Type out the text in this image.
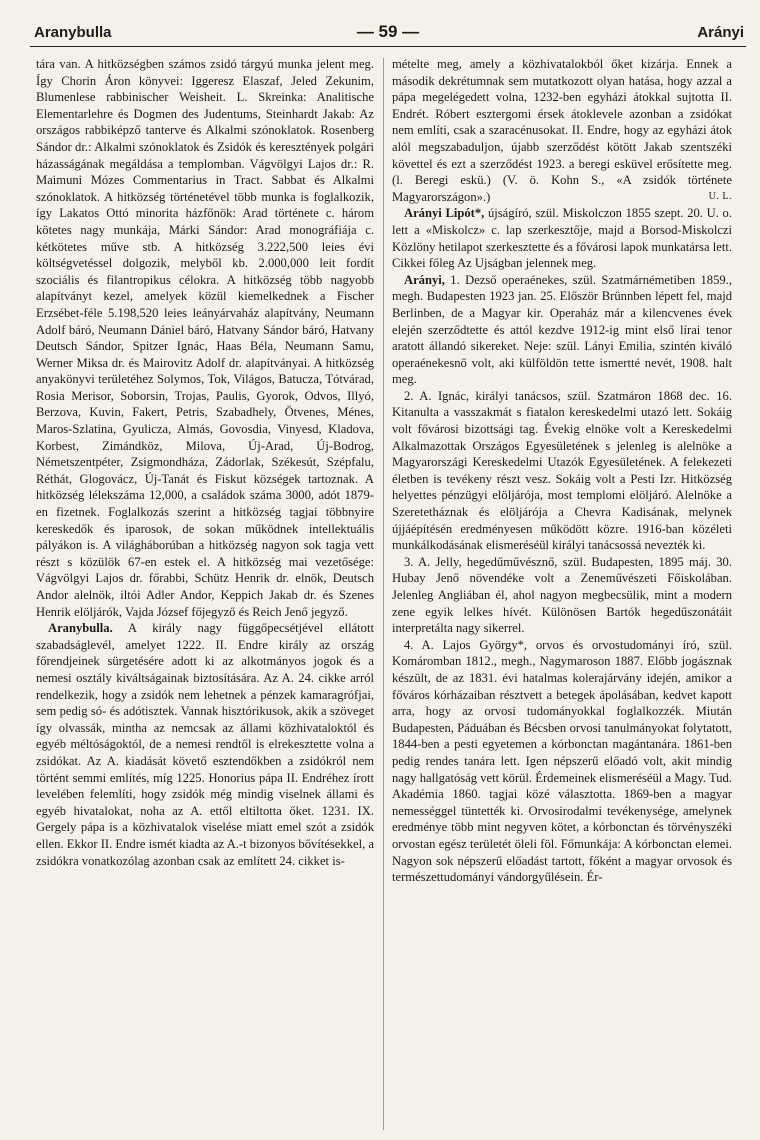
Aranybulla	— 59 —	Arányi

tára van. A hitközségben számos zsidó tárgyú munka jelent meg. Így Chorin Áron könyvei: Iggeresz Elaszaf, Jeled Zekunim, Blumenlese rabbinischer Weisheit. L. Skreinka: Analitische Elementarlehre és Dogmen des Judentums, Steinhardt Jakab: Az országos rabbiképző tanterve és Alkalmi szónoklatok. Rosenberg Sándor dr.: Alkalmi szónoklatok és Zsidók és keresztények polgári házasságának megáldása a templomban. Vágvölgyi Lajos dr.: R. Maimuni Mózes Commentarius in Tract. Sabbat és Alkalmi szónoklatok. A hitközség történetével több munka is foglalkozik, így Lakatos Ottó minorita házfőnök: Arad története c. három kötetes nagy munkája, Márki Sándor: Arad monográfiája c. kétkötetes műve stb. A hitközség 3.222,500 leies évi költségvetéssel dolgozik, melyből kb. 2.000,000 leit fordít szociális és filantropikus célokra. A hitközség több nagyobb alapítványt kezel, amelyek közül kiemelkednek a Fischer Erzsébet-féle 5.198,520 leies leányárvaház alapítvány, Neumann Adolf báró, Neumann Dániel báró, Hatvany Sándor báró, Hatvany Deutsch Sándor, Spitzer Ignác, Haas Béla, Neumann Samu, Werner Miksa dr. és Mairovitz Adolf dr. alapítványai. A hitközség anyakönyvi területéhez Solymos, Tok, Világos, Batucza, Tótvárad, Rosia Merisor, Soborsin, Trojas, Paulis, Gyorok, Odvos, Illyó, Berzova, Kuvin, Fakert, Petris, Szabadhely, Ötvenes, Ménes, Maros-Szlatina, Gyulicza, Almás, Govosdia, Vinyesd, Kladova, Korbest, Zimándköz, Milova, Új-Arad, Új-Bodrog, Németszentpéter, Zsigmondháza, Zádorlak, Székesút, Szépfalu, Réthát, Glogovácz, Új-Tanát és Fiskut községek tartoznak. A hitközség lélekszáma 12,000, a családok száma 3000, adót 1879-en fizetnek. Foglalkozás szerint a hitközség tagjai többnyire kereskedők és iparosok, de sokan működnek intellektuális pályákon is. A világháborúban a hitközség nagyon sok tagja vett részt s közülök 67-en estek el. A hitközség mai vezetősége: Vágvölgyi Lajos dr. főrabbi, Schütz Henrik dr. elnök, Deutsch Andor alelnök, iltói Adler Andor, Keppich Jakab dr. és Szenes Henrik elöljárók, Vajda József főjegyző és Reich Jenő jegyző.

Aranybulla. A király nagy függőpecsétjével ellátott szabadságlevél, amelyet 1222. II. Endre király az ország főrendjeinek sürgetésére adott ki az alkotmányos jogok és a nemesi osztály kiváltságainak biztosítására. Az A. 24. cikke arról rendelkezik, hogy a zsidók nem lehetnek a pénzek kamaragrófjai, sem pedig só- és adótisztek. Vannak hisztórikusok, akik a szöveget így olvassák, mintha az nemcsak az állami közhivataloktól és egyéb méltóságoktól, de a nemesi rendtől is elrekesztette volna a zsidókat. Az A. kiadását követő esztendőkben a zsidókról nem történt semmi említés, míg 1225. Honorius pápa II. Endréhez írott levelében felemlíti, hogy zsidók még mindig viselnek állami és egyéb hivatalokat, noha az A. ettől eltiltotta őket. 1231. IX. Gergely pápa is a közhivatalok viselése miatt emel szót a zsidók ellen. Ekkor II. Endre ismét kiadta az A.-t bizonyos bővítésekkel, a zsidókra vonatkozólag azonban csak az említett 24. cikket is-

mételte meg, amely a közhivatalokból őket kizárja. Ennek a második dekrétumnak sem mutatkozott olyan hatása, hogy azzal a pápa megelégedett volna, 1232-ben egyházi átokkal sujtotta II. Endrét. Róbert esztergomi érsek átoklevele azonban a zsidókat nem említi, csak a szaracénusokat. II. Endre, hogy az egyházi átok alól megszabaduljon, újabb szerződést kötött Jakab szentszéki követtel és ezt a szerződést 1923. a beregi esküvel erősítette meg. (l. Beregi eskü.) (V. ö. Kohn S., «A zsidók története Magyarországon».)	U. L.

Arányi Lipót*, újságíró, szül. Miskolczon 1855 szept. 20. U. o. lett a «Miskolcz» c. lap szerkesztője, majd a Borsod-Miskolczi Közlöny hetilapot szerkesztette és a fővárosi lapok munkatársa lett. Cikkei főleg Az Ujságban jelennek meg.

Arányi, 1. Dezső operaénekes, szül. Szatmárnémetiben 1859., megh. Budapesten 1923 jan. 25. Először Brünnben lépett fel, majd Berlinben, de a Magyar kir. Operaház már a kilencvenes évek elején szerződtette és attól kezdve 1912-ig mint első lírai tenor aratott állandó sikereket. Neje: szül. Lányi Emilia, szintén kiváló operaénekesnő volt, aki külföldön tette ismertté nevét, 1908. halt meg.

2. A. Ignác, királyi tanácsos, szül. Szatmáron 1868 dec. 16. Kitanulta a vasszakmát s fiatalon kereskedelmi utazó lett. Sokáig volt fővárosi bizottsági tag. Évekig elnöke volt a Kereskedelmi Alkalmazottak Országos Egyesületének s jelenleg is alelnöke a Magyarországi Kereskedelmi Utazók Egyesületének. A felekezeti életben is tevékeny részt vesz. Sokáig volt a Pesti Izr. Hitközség helyettes pénzügyi elöljárója, most templomi elöljáró. Alelnöke a Szeretetháznak és elöljárója a Chevra Kadisának, melynek újjáépítésén eredményesen működött közre. 1916-ban közéleti munkálkodásának elismeréséül királyi tanácsossá nevezték ki.

3. A. Jelly, hegedűművésznő, szül. Budapesten, 1895 máj. 30. Hubay Jenő növendéke volt a Zeneművészeti Főiskolában. Jelenleg Angliában él, ahol nagyon megbecsülik, mint a modern zene egyik lelkes hívét. Különösen Bartók hegedűszonátáit interpretálta nagy sikerrel.

4. A. Lajos György*, orvos és orvostudományi író, szül. Komáromban 1812., megh., Nagymaroson 1887. Előbb jogásznak készült, de az 1831. évi hatalmas kolerajárvány idején, amikor a főváros kórházaiban résztvett a betegek ápolásában, kedvet kapott arra, hogy az orvosi tudományokkal foglalkozzék. Miután Budapesten, Páduában és Bécsben orvosi tanulmányokat folytatott, 1844-ben a pesti egyetemen a kórbonctan magántanára. 1861-ben pedig rendes tanára lett. Igen népszerű előadó volt, akit mindig nagy hallgatóság vett körül. Érdemeinek elismeréséül a Magy. Tud. Akadémia 1860. tagjai közé választotta. 1869-ben a magyar nemességgel tüntették ki. Orvosirodalmi tevékenysége, amelynek eredménye több mint negyven kötet, a kórbonctan és törvényszéki orvostan egész területét öleli föl. Főmunkája: A kórbonctan elemei. Nagyon sok népszerű előadást tartott, főként a magyar orvosok és természettudományi vándorgyűlésein. Ér-
